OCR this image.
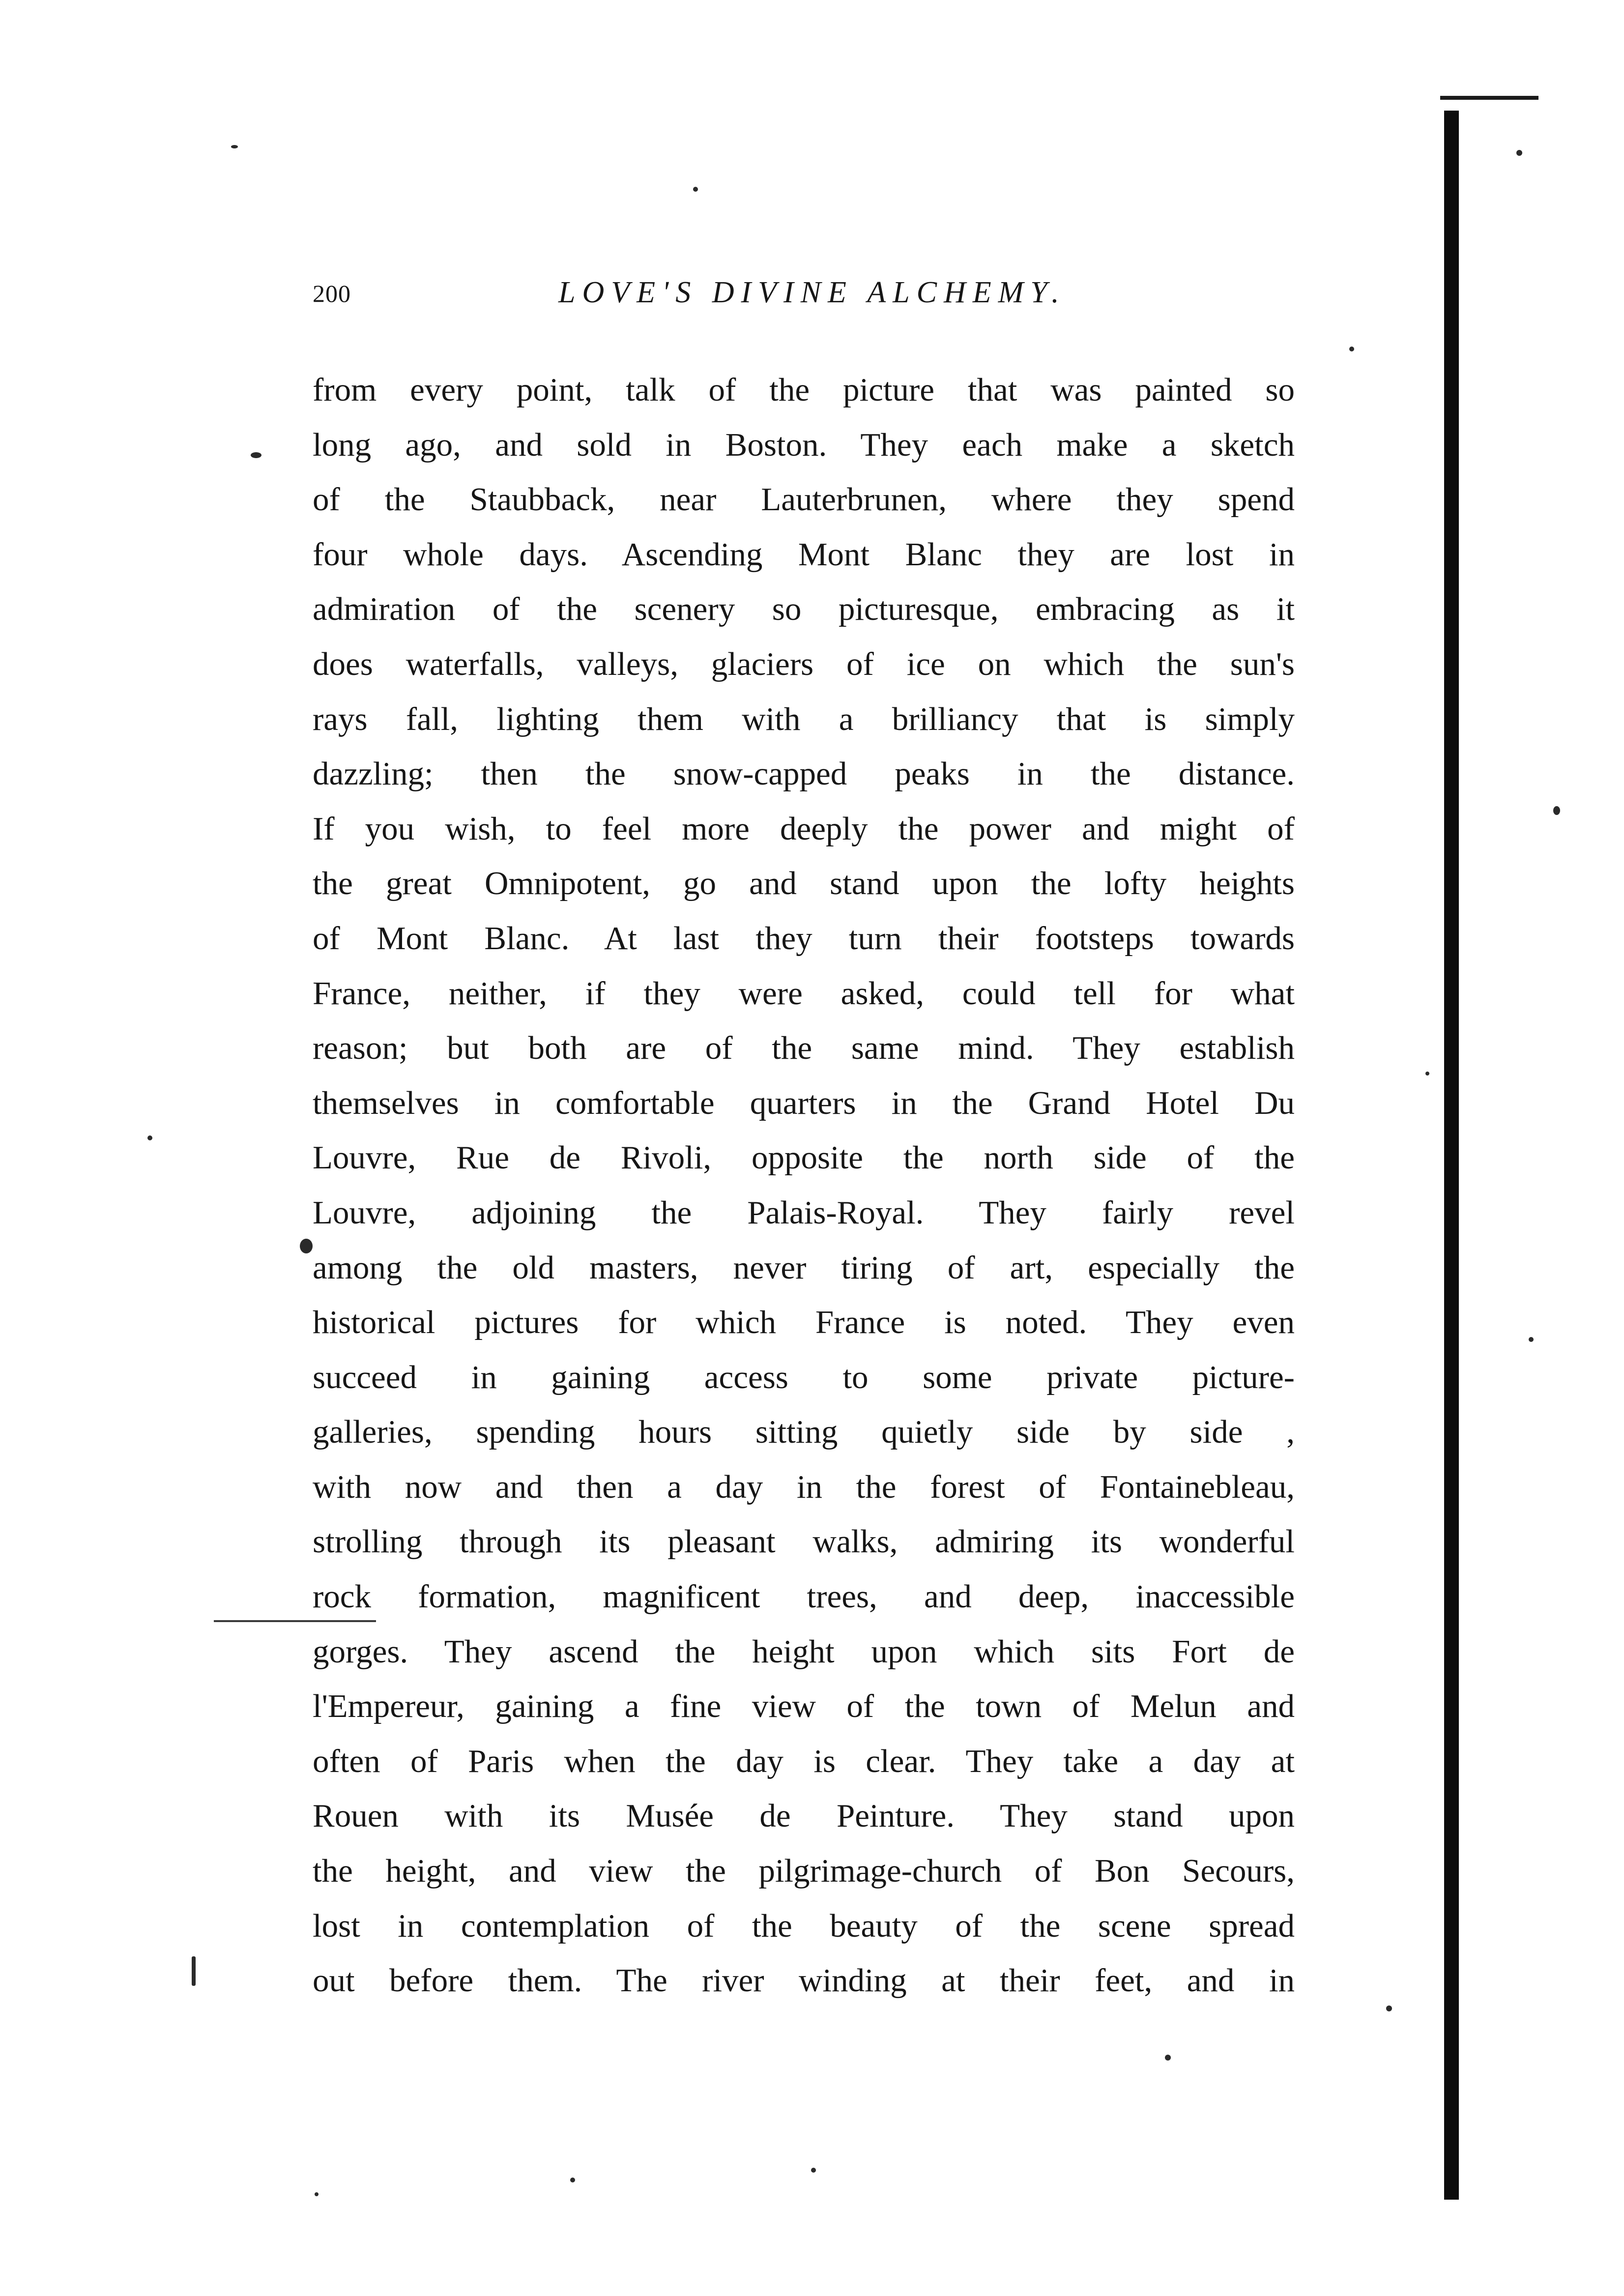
200	LOVE'S DIVINE ALCHEMY.
from every point, talk of the picture that was painted so
long ago, and sold in Boston. They each make a sketch
of the Staubback, near Lauterbrunen, where they spend
four whole days. Ascending Mont Blanc they are lost in
admiration of the scenery so picturesque, embracing as it
does waterfalls, valleys, glaciers of ice on which the sun's
rays fall, lighting them with a brilliancy that is simply
dazzling; then the snow-capped peaks in the distance.
If you wish, to feel more deeply the power and might of
the great Omnipotent, go and stand upon the lofty heights
of Mont Blanc. At last they turn their footsteps towards
France, neither, if they were asked, could tell for what
reason; but both are of the same mind. They establish
themselves in comfortable quarters in the Grand Hotel Du
Louvre, Rue de Rivoli, opposite the north side of the
Louvre, adjoining the Palais-Royal. They fairly revel
among the old masters, never tiring of art, especially the
historical pictures for which France is noted. They even
succeed in gaining access to some private picture-
galleries, spending hours sitting quietly side by side ,
with now and then a day in the forest of Fontainebleau,
strolling through its pleasant walks, admiring its wonderful
rock formation, magnificent trees, and deep, inaccessible
gorges. They ascend the height upon which sits Fort de
l'Empereur, gaining a fine view of the town of Melun and
often of Paris when the day is clear. They take a day at
Rouen with its Musée de Peinture. They stand upon
the height, and view the pilgrimage-church of Bon Secours,
lost in contemplation of the beauty of the scene spread
out before them. The river winding at their feet, and in
